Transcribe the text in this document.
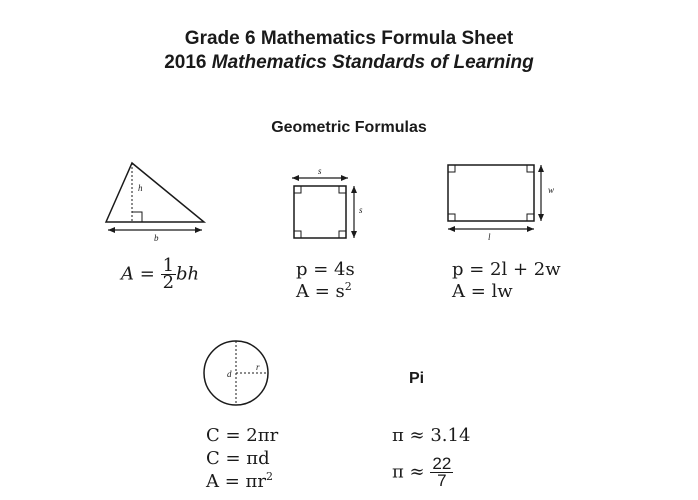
Grade 6 Mathematics Formula Sheet
2016 Mathematics Standards of Learning
Geometric Formulas
h
b
$A = \frac{1}{2}$ bh
s
s
p = 4s
$A = s^2$
w
l
p = 2l + 2w
A = lw
d
r
C = 2πr
C = πd
$A = \pi r^2$
Pi
π ≈ 3.14
$\pi \approx \frac{22}{7}$
